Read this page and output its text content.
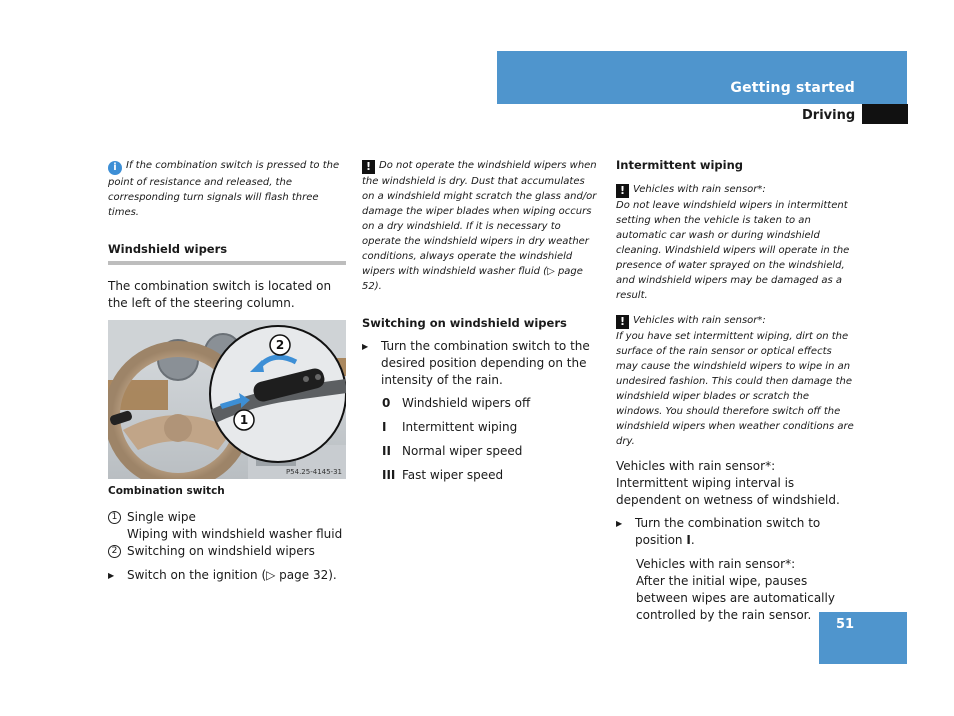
Getting started
Driving

i If the combination switch is pressed to the point of resistance and released, the corresponding turn signals will flash three times.

Windshield wipers

The combination switch is located on the left of the steering column.

2
1
P54.25-4145-31
Combination switch
1 Single wipe
Wiping with windshield washer fluid
2 Switching on windshield wipers
▶	Switch on the ignition (▷ page 32).

! Do not operate the windshield wipers when the windshield is dry. Dust that accumulates on a windshield might scratch the glass and/or damage the wiper blades when wiping occurs on a dry windshield. If it is necessary to operate the windshield wipers in dry weather conditions, always operate the windshield wipers with windshield washer fluid (▷ page 52).

Switching on windshield wipers
▶	Turn the combination switch to the desired position depending on the intensity of the rain.
0 Windshield wipers off
I	Intermittent wiping
II Normal wiper speed
III Fast wiper speed
Intermittent wiping

! Vehicles with rain sensor*:
Do not leave windshield wipers in intermittent setting when the vehicle is taken to an automatic car wash or during windshield cleaning. Windshield wipers will operate in the presence of water sprayed on the windshield, and windshield wipers may be damaged as a result.

! Vehicles with rain sensor*:
If you have set intermittent wiping, dirt on the surface of the rain sensor or optical effects may cause the windshield wipers to wipe in an undesired fashion. This could then damage the windshield wiper blades or scratch the windows. You should therefore switch off the windshield wipers when weather conditions are dry.

Vehicles with rain sensor*:
Intermittent wiping interval is dependent on wetness of windshield.

▶	Turn the combination switch to position I.

Vehicles with rain sensor*:
After the initial wipe, pauses between wipes are automatically controlled by the rain sensor.

51
